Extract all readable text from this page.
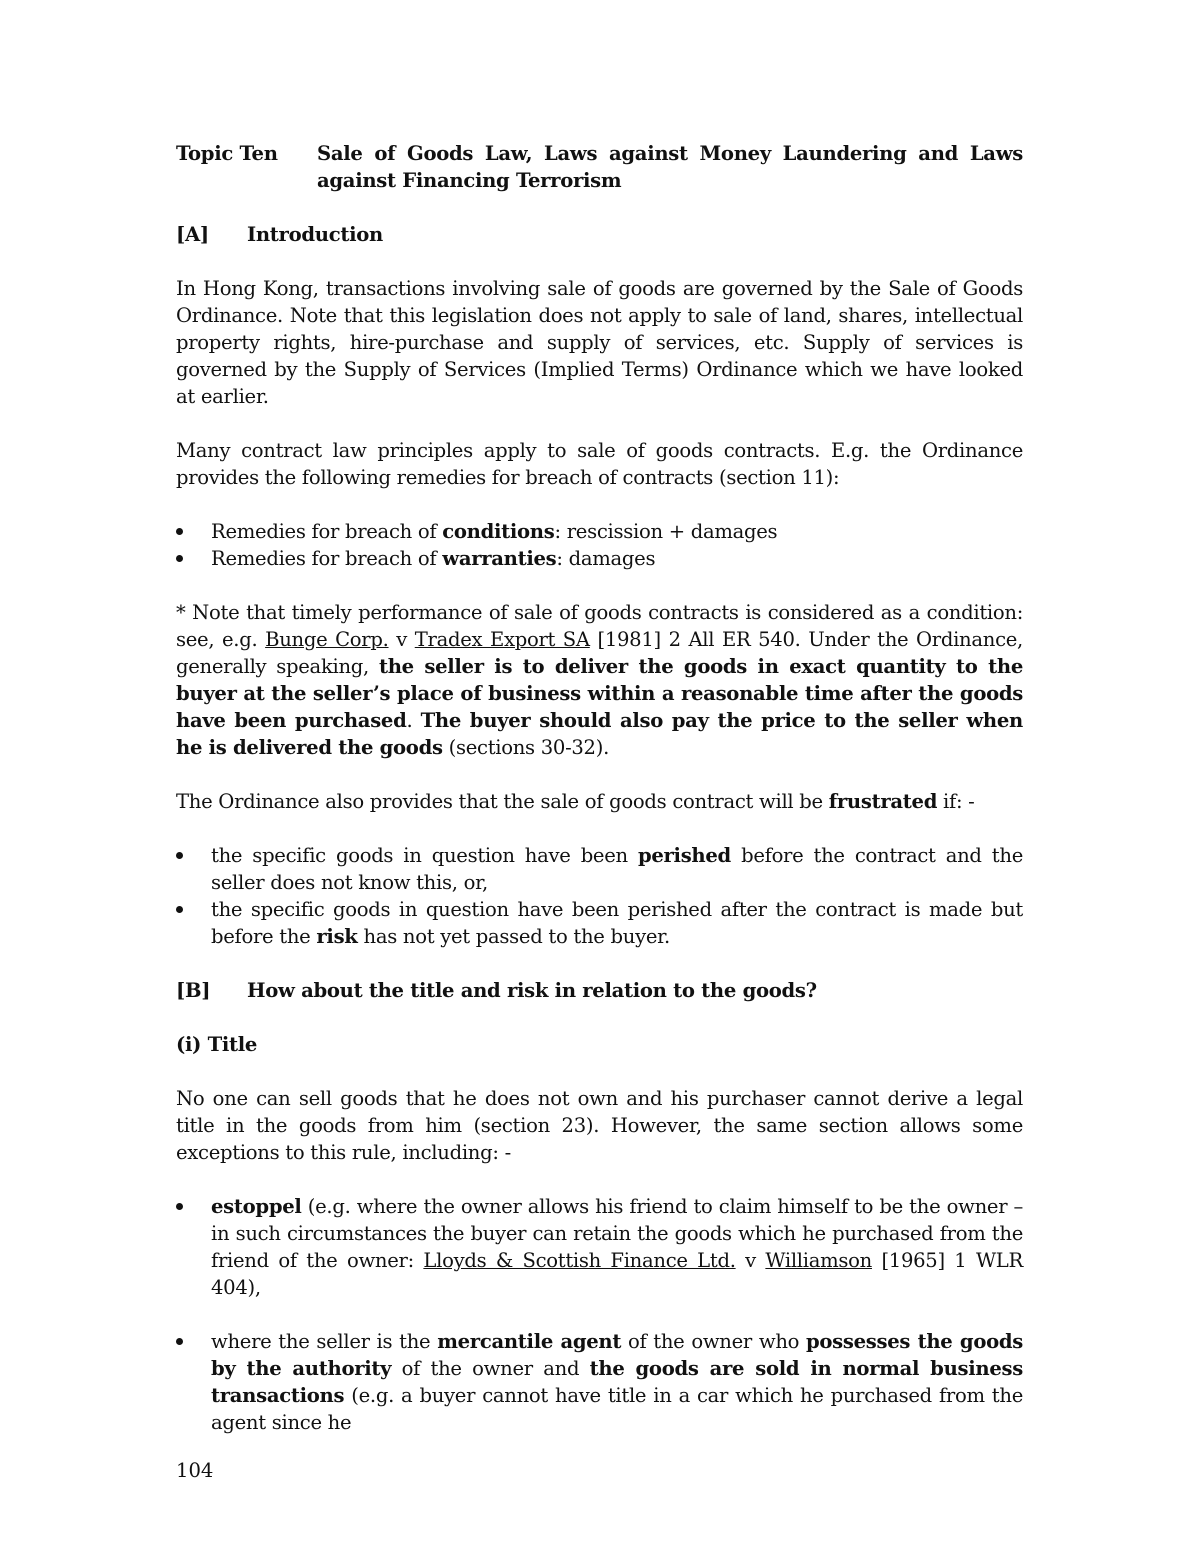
Topic Ten	Sale of Goods Law, Laws against Money Laundering and Laws against Financing Terrorism
[A]	Introduction

In Hong Kong, transactions involving sale of goods are governed by the Sale of Goods Ordinance. Note that this legislation does not apply to sale of land, shares, intellectual property rights, hire-purchase and supply of services, etc. Supply of services is governed by the Supply of Services (Implied Terms) Ordinance which we have looked at earlier.

Many contract law principles apply to sale of goods contracts. E.g. the Ordinance provides the following remedies for breach of contracts (section 11):

Remedies for breach of conditions: rescission + damages
Remedies for breach of warranties: damages

* Note that timely performance of sale of goods contracts is considered as a condition: see, e.g. Bunge Corp. v Tradex Export SA [1981] 2 All ER 540. Under the Ordinance, generally speaking, the seller is to deliver the goods in exact quantity to the buyer at the seller’s place of business within a reasonable time after the goods have been purchased. The buyer should also pay the price to the seller when he is delivered the goods (sections 30-32).

The Ordinance also provides that the sale of goods contract will be frustrated if: -

the specific goods in question have been perished before the contract and the seller does not know this, or,
the specific goods in question have been perished after the contract is made but before the risk has not yet passed to the buyer.
[B]	How about the title and risk in relation to the goods?
(i) Title

No one can sell goods that he does not own and his purchaser cannot derive a legal title in the goods from him (section 23). However, the same section allows some exceptions to this rule, including: -

estoppel (e.g. where the owner allows his friend to claim himself to be the owner – in such circumstances the buyer can retain the goods which he purchased from the friend of the owner: Lloyds & Scottish Finance Ltd. v Williamson [1965] 1 WLR 404),
where the seller is the mercantile agent of the owner who possesses the goods by the authority of the owner and the goods are sold in normal business transactions (e.g. a buyer cannot have title in a car which he purchased from the agent since he
104
